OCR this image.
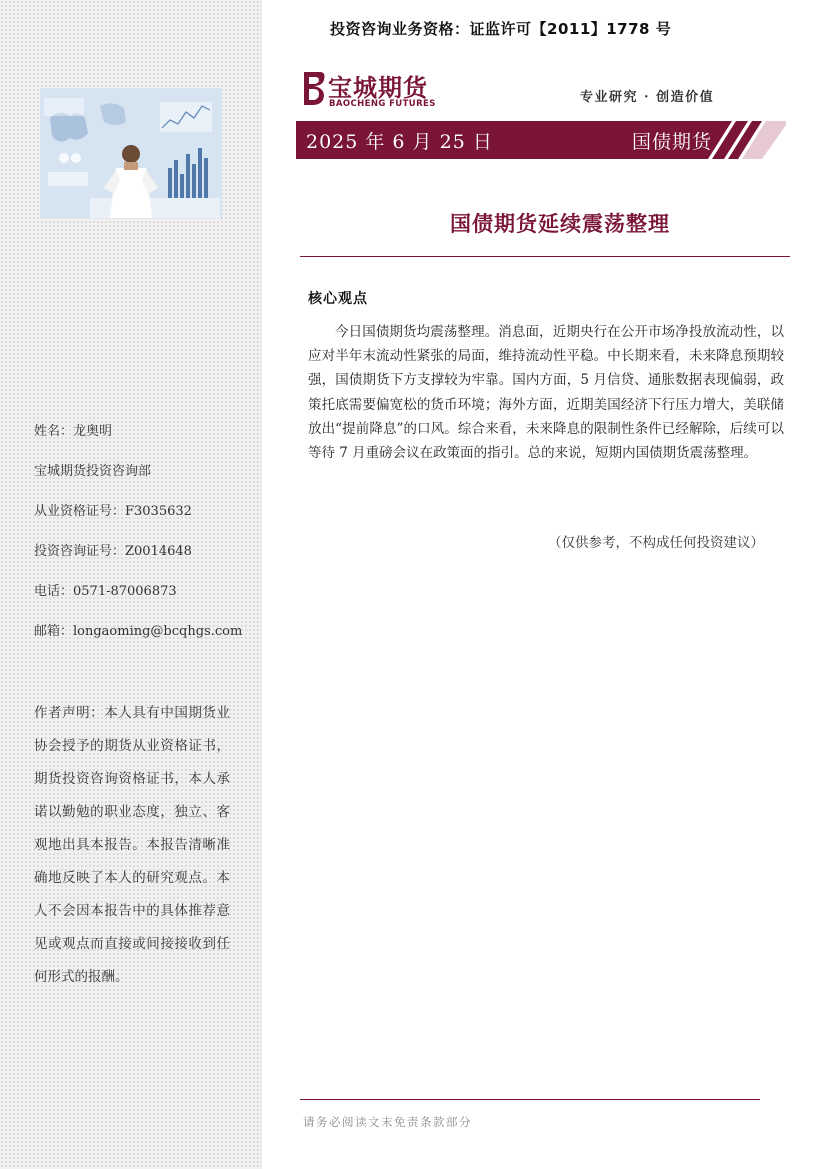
姓名：龙奥明
宝城期货投资咨询部
从业资格证号：F3035632
投资咨询证号：Z0014648
电话：0571-87006873
邮箱：longaoming@bcqhgs.com
作者声明：本人具有中国期货业协会授予的期货从业资格证书，期货投资咨询资格证书，本人承诺以勤勉的职业态度，独立、客观地出具本报告。本报告清晰准确地反映了本人的研究观点。本人不会因本报告中的具体推荐意见或观点而直接或间接接收到任何形式的报酬。
投资咨询业务资格：证监许可【2011】1778 号
宝城期货
BAOCHENG FUTURES	专业研究 · 创造价值
2025 年 6 月 25 日	国债期货
国债期货延续震荡整理
核心观点

今日国债期货均震荡整理。消息面，近期央行在公开市场净投放流动性，以应对半年末流动性紧张的局面，维持流动性平稳。中长期来看，未来降息预期较强，国债期货下方支撑较为牢靠。国内方面，5 月信贷、通胀数据表现偏弱，政策托底需要偏宽松的货币环境；海外方面，近期美国经济下行压力增大，美联储放出“提前降息”的口风。综合来看，未来降息的限制性条件已经解除，后续可以等待 7 月重磅会议在政策面的指引。总的来说，短期内国债期货震荡整理。

（仅供参考，不构成任何投资建议）
请务必阅读文末免责条款部分
